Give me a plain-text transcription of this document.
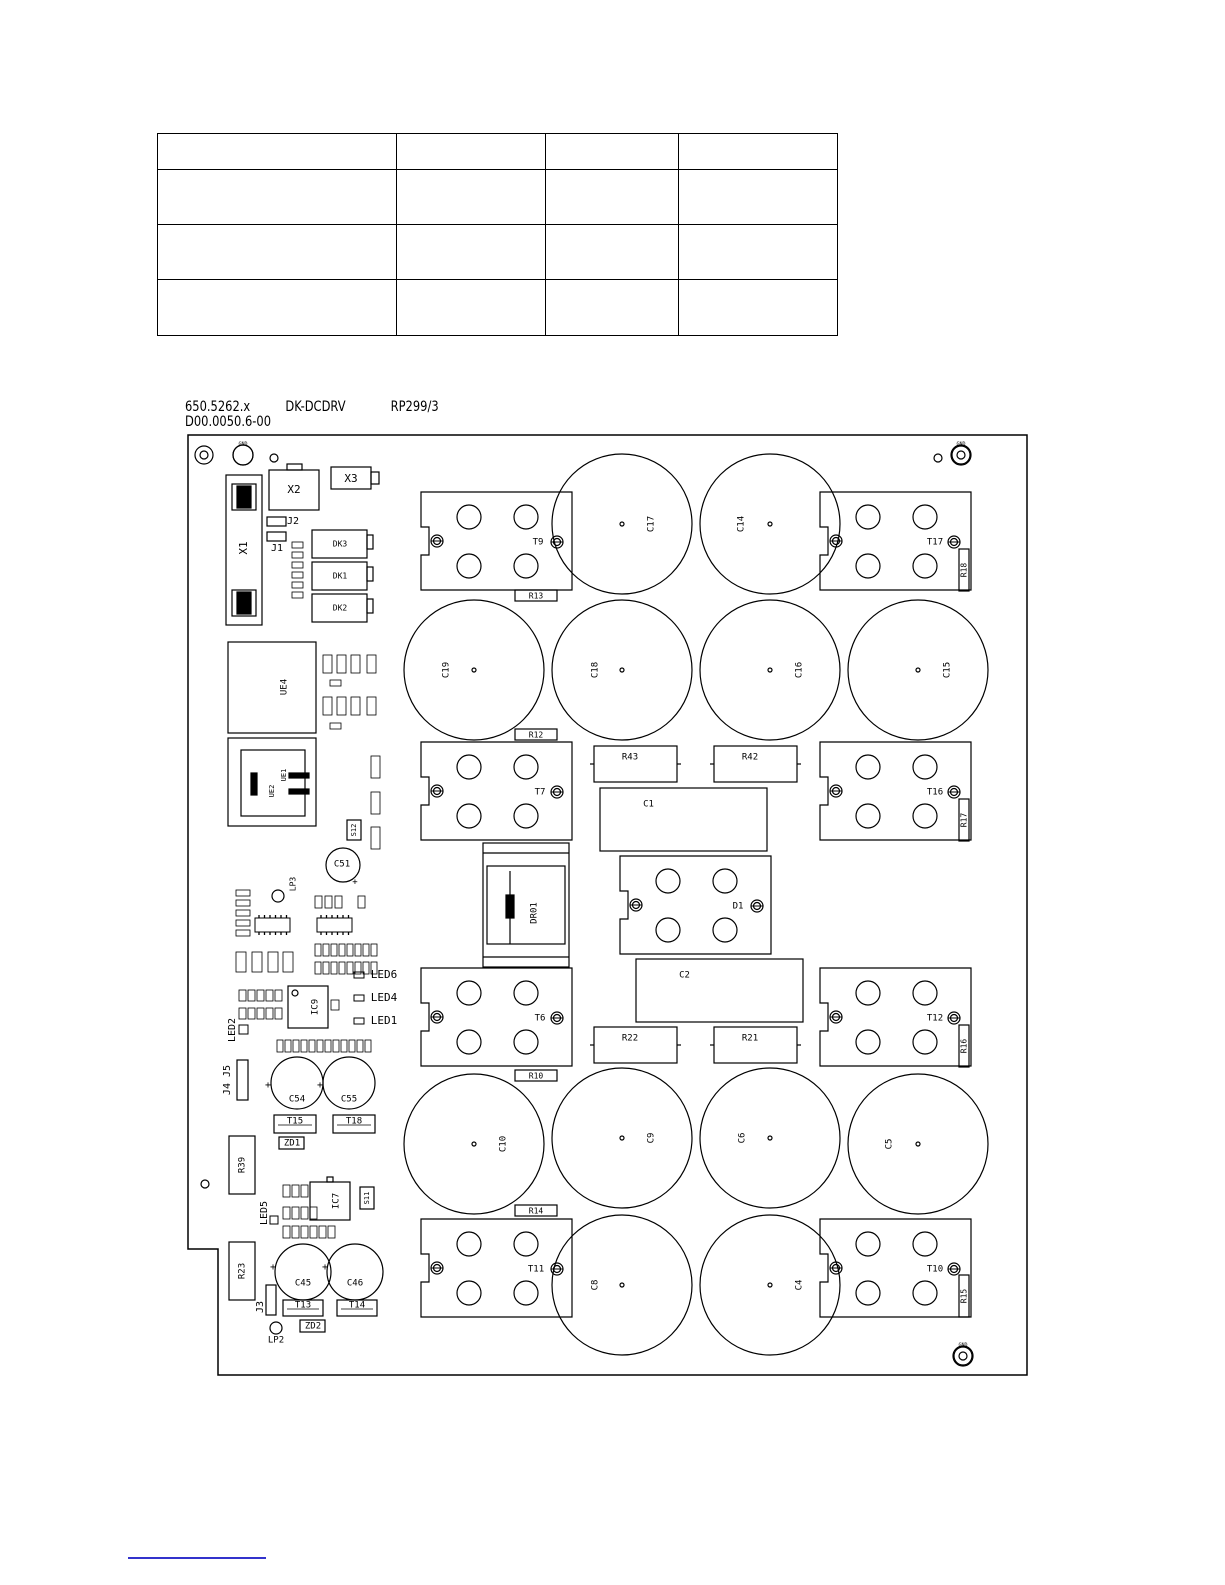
650.5262.x	DK-DCDRV	RP299/3
D00.0050.6-00
GND	GND
GND
T9	T17
T7	T16
T6	T12
T11	T10
D1
C17	C14
C19	C18	C16	C15
C10	C9	C6
C5
C8	C4
R13
R12
R10
R14
R18
R17
R16
R15
R43	R42
R22	R21
C1
C2
DR01
X1
X2
X3
J2
J1	DK3
DK1
DK2
UE4
UE1
UE2
S12
C51
+
LP3
LED6
LED4
LED1
IC9
LED2
J4 J5
C54
+
C55
+
T15	T18
ZD1
R39
R23
IC7	S11
LED5
C45
+
C46
+
J3	T13	T14
ZD2
LP2
